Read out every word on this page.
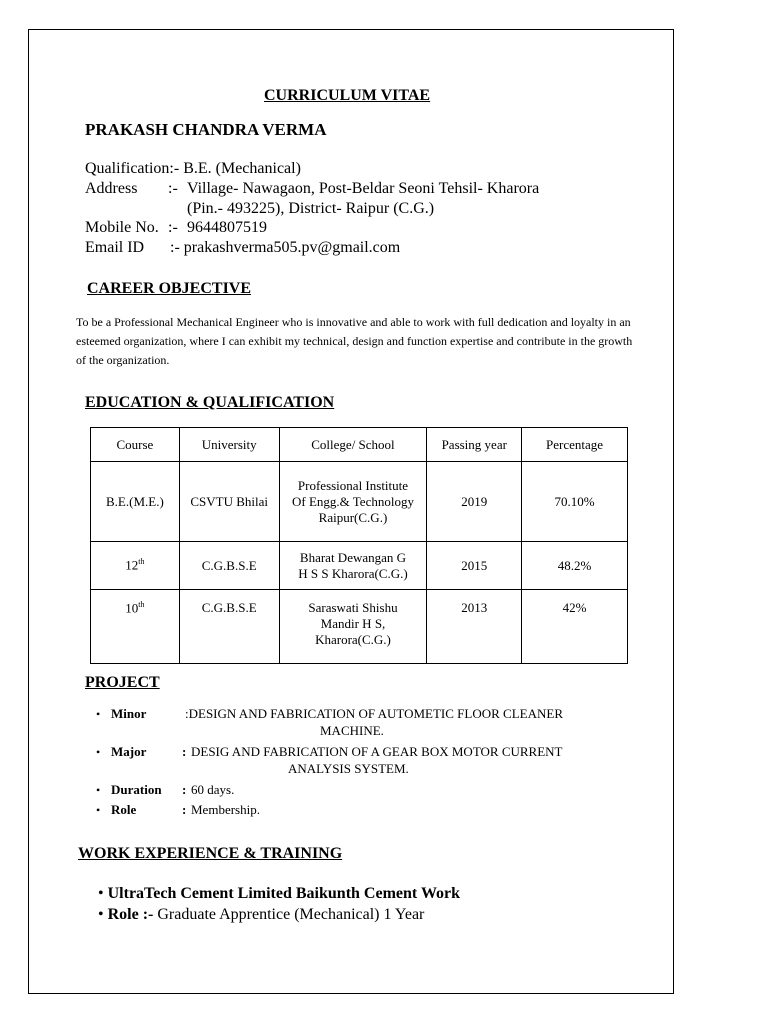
CURRICULUM VITAE
PRAKASH CHANDRA VERMA
Qualification:- B.E. (Mechanical)
Address :- Village- Nawagaon, Post-Beldar Seoni Tehsil- Kharora
(Pin.- 493225), District- Raipur (C.G.)
Mobile No. :- 9644807519
Email ID :- prakashverma505.pv@gmail.com
CAREER OBJECTIVE
To be a Professional Mechanical Engineer who is innovative and able to work with full dedication and loyalty in an esteemed organization, where I can exhibit my technical, design and function expertise and contribute in the growth of the organization.
EDUCATION & QUALIFICATION
Course	University	College/ School	Passing year	Percentage
B.E.(M.E.)	CSVTU Bhilai	Professional Institute
Of Engg.& Technology
Raipur(C.G.)	2019	70.10%
12th	C.G.B.S.E	Bharat Dewangan G
H S S Kharora(C.G.)	2015	48.2%
10th	C.G.B.S.E	Saraswati Shishu
Mandir H S,
Kharora(C.G.)	2013	42%
PROJECT
• Minor	:DESIGN AND FABRICATION OF AUTOMETIC FLOOR CLEANER
MACHINE.
• Major	: DESIG AND FABRICATION OF A GEAR BOX MOTOR CURRENT
ANALYSIS SYSTEM.
• Duration : 60 days.
• Role	: Membership.
WORK EXPERIENCE & TRAINING
• UltraTech Cement Limited Baikunth Cement Work
• Role :- Graduate Apprentice (Mechanical) 1 Year
